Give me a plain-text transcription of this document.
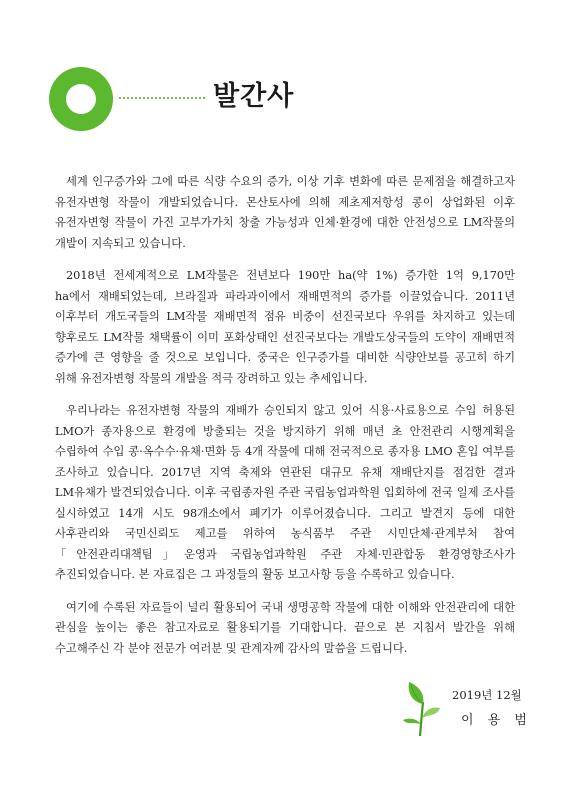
발간사

세계 인구증가와 그에 따른 식량 수요의 증가, 이상 기후 변화에 따른 문제점을 해결하고자 유전자변형 작물이 개발되었습니다. 몬산토사에 의해 제초제저항성 콩이 상업화된 이후 유전자변형 작물이 가진 고부가가치 창출 가능성과 인체·환경에 대한 안전성으로 LM작물의 개발이 지속되고 있습니다.

2018년 전세계적으로 LM작물은 전년보다 190만 ha(약 1%) 증가한 1억 9,170만 ha에서 재배되었는데, 브라질과 파라과이에서 재배면적의 증가를 이끌었습니다. 2011년 이후부터 개도국들의 LM작물 재배면적 점유 비중이 선진국보다 우위를 차지하고 있는데 향후로도 LM작물 채택률이 이미 포화상태인 선진국보다는 개발도상국들의 도약이 재배면적 증가에 큰 영향을 줄 것으로 보입니다. 중국은 인구증가를 대비한 식량안보를 공고히 하기 위해 유전자변형 작물의 개발을 적극 장려하고 있는 추세입니다.

우리나라는 유전자변형 작물의 재배가 승인되지 않고 있어 식용·사료용으로 수입 허용된 LMO가 종자용으로 환경에 방출되는 것을 방지하기 위해 매년 초 안전관리 시행계획을 수립하여 수입 콩·옥수수·유채·면화 등 4개 작물에 대해 전국적으로 종자용 LMO 혼입 여부를 조사하고 있습니다. 2017년 지역 축제와 연관된 대규모 유채 재배단지를 점검한 결과 LM유채가 발견되었습니다. 이후 국립종자원 주관 국립농업과학원 입회하에 전국 일제 조사를 실시하였고 14개 시도 98개소에서 폐기가 이루어졌습니다. 그리고 발견지 등에 대한 사후관리와 국민신뢰도 제고를 위하여 농식품부 주관 시민단체·관계부처 참여「안전관리대책팀」운영과 국립농업과학원 주관 자체·민관합동 환경영향조사가 추진되었습니다. 본 자료집은 그 과정들의 활동 보고사항 등을 수록하고 있습니다.

여기에 수록된 자료들이 널리 활용되어 국내 생명공학 작물에 대한 이해와 안전관리에 대한 관심을 높이는 좋은 참고자료로 활용되기를 기대합니다. 끝으로 본 지침서 발간을 위해 수고해주신 각 분야 전문가 여러분 및 관계자께 감사의 말씀을 드립니다.

2019년 12월
이 용 범
